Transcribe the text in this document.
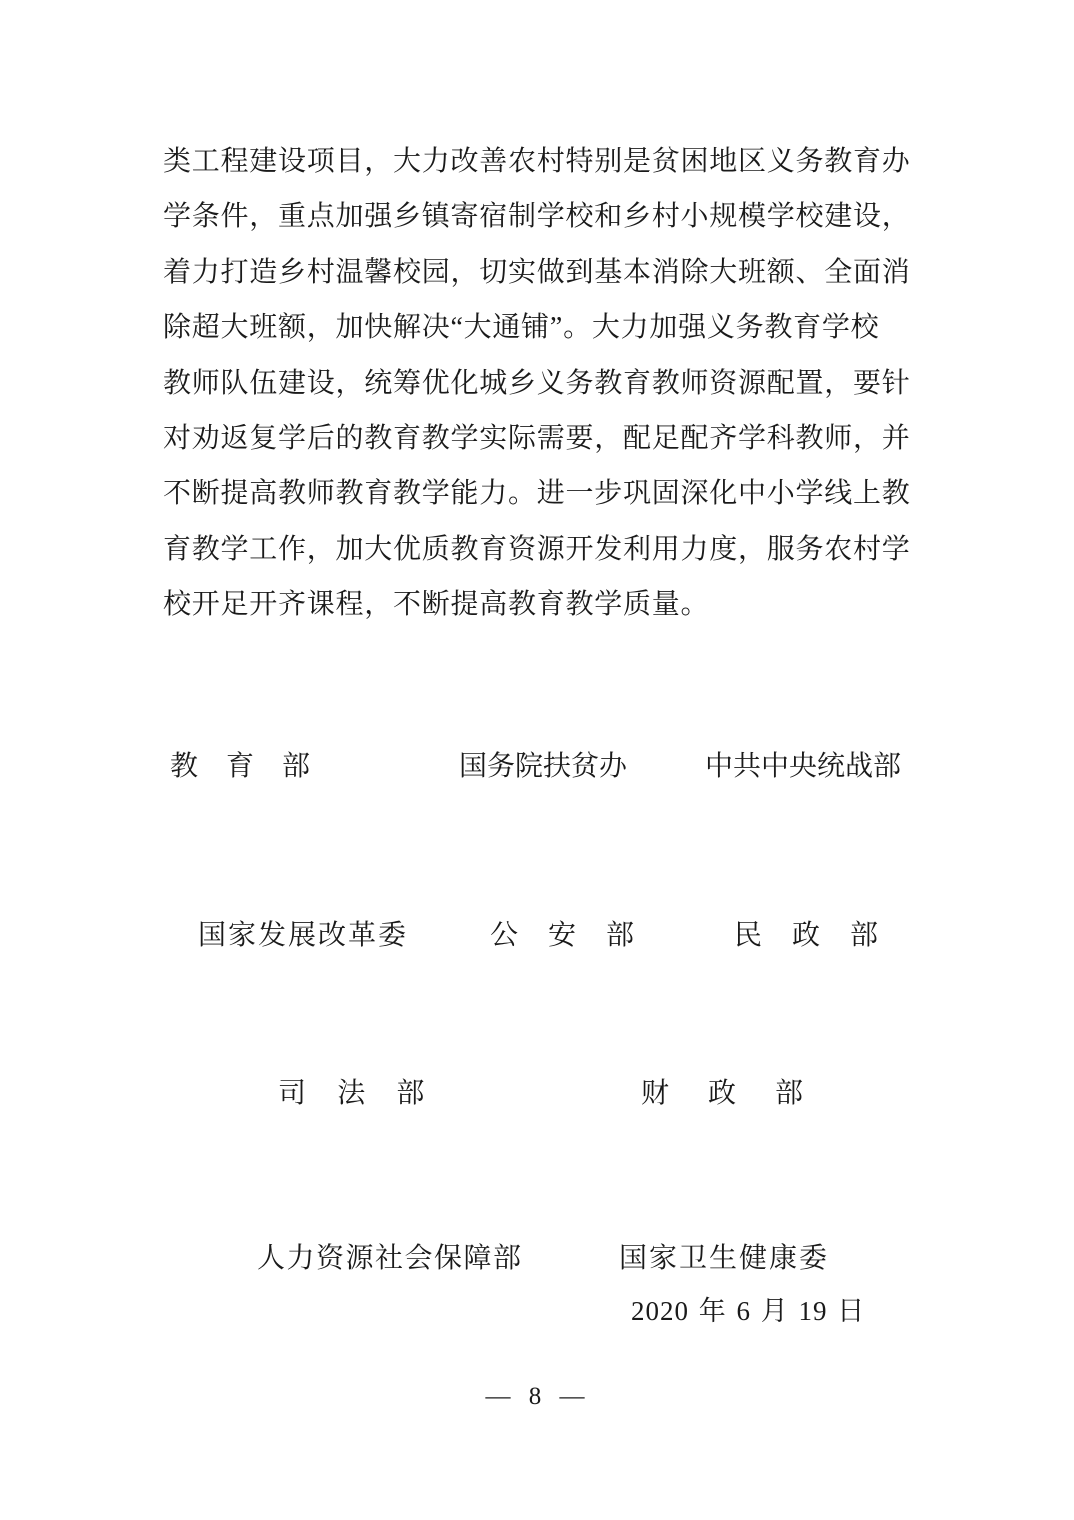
类工程建设项目，大力改善农村特别是贫困地区义务教育办
学条件，重点加强乡镇寄宿制学校和乡村小规模学校建设，
着力打造乡村温馨校园，切实做到基本消除大班额、全面消
除超大班额，加快解决“大通铺”。大力加强义务教育学校
教师队伍建设，统筹优化城乡义务教育教师资源配置，要针
对劝返复学后的教育教学实际需要，配足配齐学科教师，并
不断提高教师教育教学能力。进一步巩固深化中小学线上教
育教学工作，加大优质教育资源开发利用力度，服务农村学
校开足开齐课程，不断提高教育教学质量。
教　育　部	国务院扶贫办	中共中央统战部
国家发展改革委	公　安　部	民　政　部
司　法　部	财　政　部
人力资源社会保障部	国家卫生健康委
2020 年 6 月 19 日
— 8 —
